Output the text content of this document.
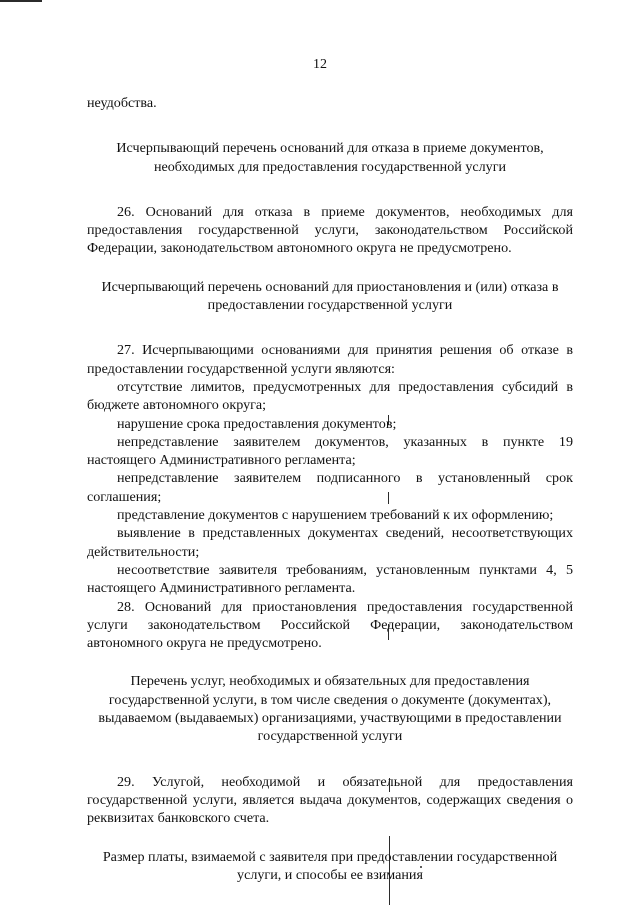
12

неудобства.

Исчерпывающий перечень оснований для отказа в приеме документов, необходимых для предоставления государственной услуги

26. Оснований для отказа в приеме документов, необходимых для предоставления государственной услуги, законодательством Российской Федерации, законодательством автономного округа не предусмотрено.

Исчерпывающий перечень оснований для приостановления и (или) отказа в предоставлении государственной услуги

27. Исчерпывающими основаниями для принятия решения об отказе в предоставлении государственной услуги являются:

отсутствие лимитов, предусмотренных для предоставления субсидий в бюджете автономного округа;

нарушение срока предоставления документов;

непредставление заявителем документов, указанных в пункте 19 настоящего Административного регламента;

непредставление заявителем подписанного в установленный срок соглашения;

представление документов с нарушением требований к их оформлению;

выявление в представленных документах сведений, несоответствующих действительности;

несоответствие заявителя требованиям, установленным пунктами 4, 5 настоящего Административного регламента.

28. Оснований для приостановления предоставления государственной услуги законодательством Российской Федерации, законодательством автономного округа не предусмотрено.

Перечень услуг, необходимых и обязательных для предоставления государственной услуги, в том числе сведения о документе (документах), выдаваемом (выдаваемых) организациями, участвующими в предоставлении государственной услуги

29. Услугой, необходимой и обязательной для предоставления государственной услуги, является выдача документов, содержащих сведения о реквизитах банковского счета.

Размер платы, взимаемой с заявителя при предоставлении государственной услуги, и способы ее взимания
